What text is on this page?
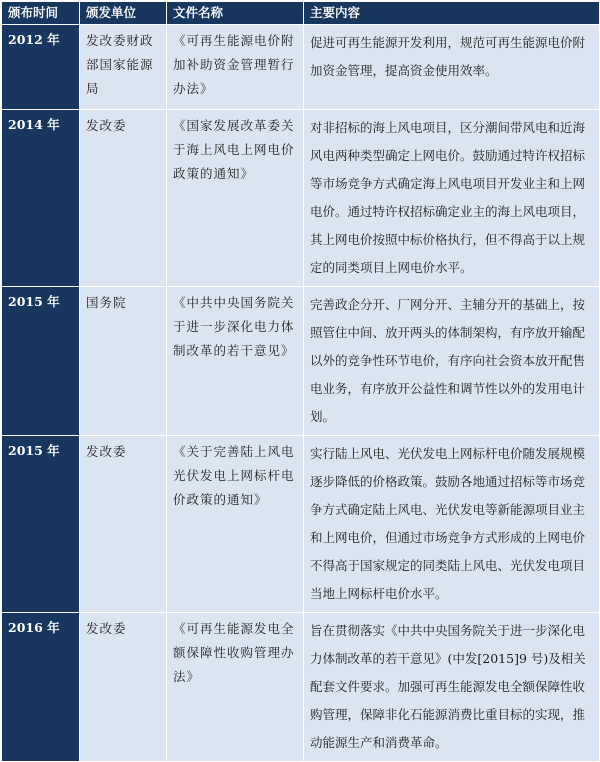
颁布时间	颁发单位	文件名称	主要内容
2012 年	发改委财政部国家能源局	《可再生能源电价附加补助资金管理暂行办法》	促进可再生能源开发利用，规范可再生能源电价附加资金管理，提高资金使用效率。
2014 年	发改委	《国家发展改革委关于海上风电上网电价政策的通知》	对非招标的海上风电项目，区分潮间带风电和近海风电两种类型确定上网电价。鼓励通过特许权招标等市场竞争方式确定海上风电项目开发业主和上网电价。通过特许权招标确定业主的海上风电项目，其上网电价按照中标价格执行，但不得高于以上规定的同类项目上网电价水平。
2015 年	国务院	《中共中央国务院关于进一步深化电力体制改革的若干意见》	完善政企分开、厂网分开、主辅分开的基础上，按照管住中间、放开两头的体制架构，有序放开输配以外的竞争性环节电价，有序向社会资本放开配售电业务，有序放开公益性和调节性以外的发用电计划。
2015 年	发改委	《关于完善陆上风电光伏发电上网标杆电价政策的通知》	实行陆上风电、光伏发电上网标杆电价随发展规模逐步降低的价格政策。鼓励各地通过招标等市场竞争方式确定陆上风电、光伏发电等新能源项目业主和上网电价，但通过市场竞争方式形成的上网电价不得高于国家规定的同类陆上风电、光伏发电项目当地上网标杆电价水平。
2016 年	发改委	《可再生能源发电全额保障性收购管理办法》	旨在贯彻落实《中共中央国务院关于进一步深化电力体制改革的若干意见》(中发[2015]9 号)及相关配套文件要求。加强可再生能源发电全额保障性收购管理，保障非化石能源消费比重目标的实现，推动能源生产和消费革命。
